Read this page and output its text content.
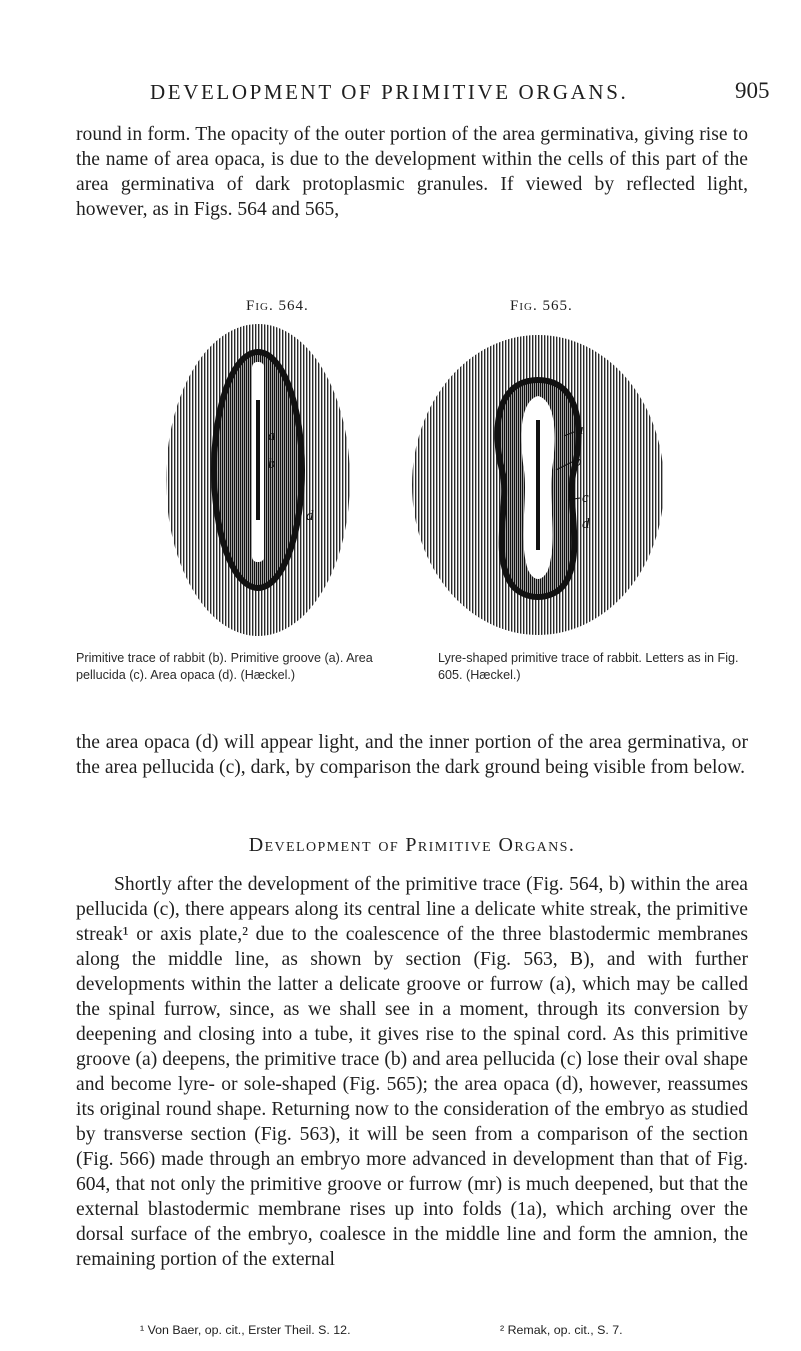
DEVELOPMENT OF PRIMITIVE ORGANS.	905

round in form. The opacity of the outer portion of the area germinativa, giving rise to the name of area opaca, is due to the development within the cells of this part of the area germinativa of dark protoplasmic granules. If viewed by reflected light, however, as in Figs. 564 and 565,

Fig. 564.	Fig. 565.
a
b
d
a
b
c
d
Primitive trace of rabbit (b). Primitive groove (a). Area pellucida (c). Area opaca (d). (Hæckel.)
Lyre-shaped primitive trace of rabbit. Letters as in Fig. 605. (Hæckel.)

the area opaca (d) will appear light, and the inner portion of the area germinativa, or the area pellucida (c), dark, by comparison the dark ground being visible from below.

Development of Primitive Organs.

Shortly after the development of the primitive trace (Fig. 564, b) within the area pellucida (c), there appears along its central line a delicate white streak, the primitive streak¹ or axis plate,² due to the coalescence of the three blastodermic membranes along the middle line, as shown by section (Fig. 563, B), and with further developments within the latter a delicate groove or furrow (a), which may be called the spinal furrow, since, as we shall see in a moment, through its conversion by deepening and closing into a tube, it gives rise to the spinal cord. As this primitive groove (a) deepens, the primitive trace (b) and area pellucida (c) lose their oval shape and become lyre- or sole-shaped (Fig. 565); the area opaca (d), however, reassumes its original round shape. Returning now to the consideration of the embryo as studied by transverse section (Fig. 563), it will be seen from a comparison of the section (Fig. 566) made through an embryo more advanced in development than that of Fig. 604, that not only the primitive groove or furrow (mr) is much deepened, but that the external blastodermic membrane rises up into folds (1a), which arching over the dorsal surface of the embryo, coalesce in the middle line and form the amnion, the remaining portion of the external

¹ Von Baer, op. cit., Erster Theil. S. 12.	² Remak, op. cit., S. 7.
